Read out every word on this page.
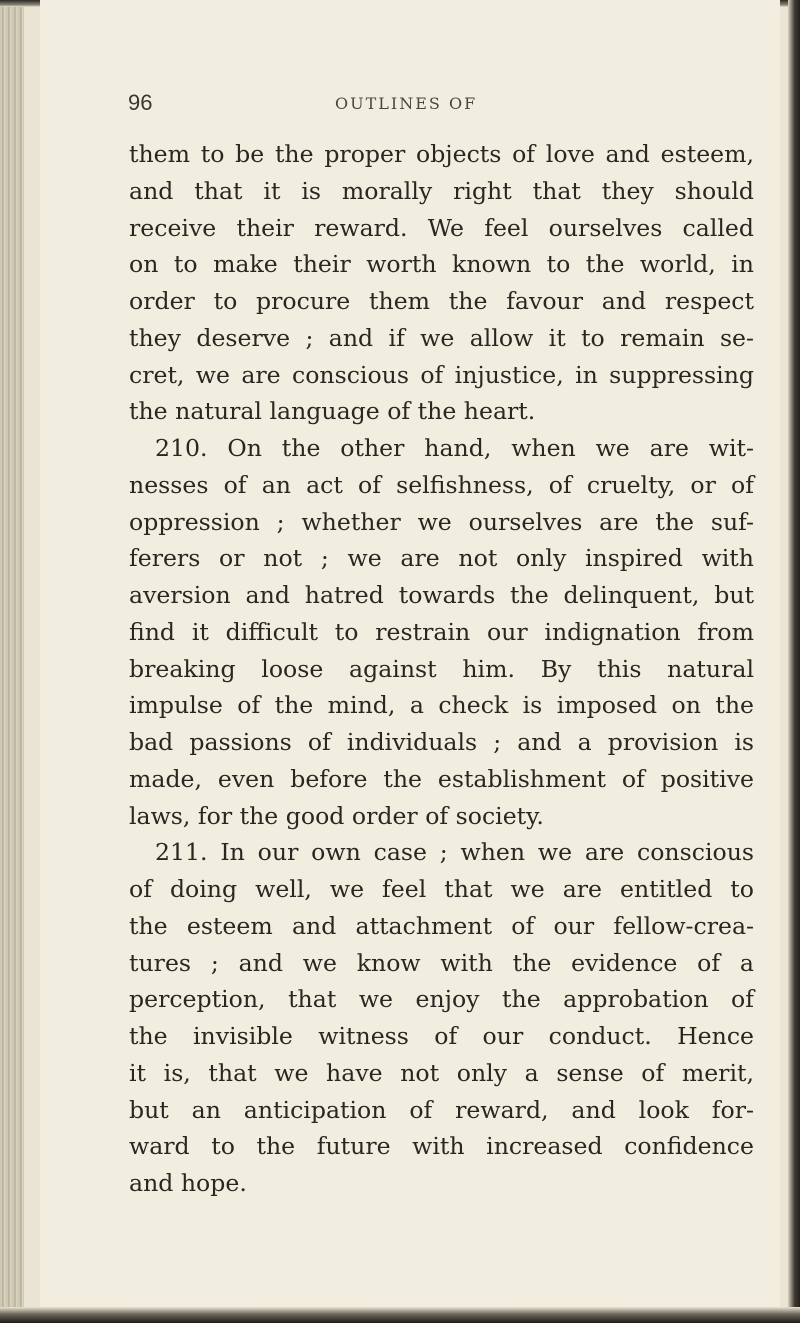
96	OUTLINES OF

them to be the proper objects of love and esteem,
and that it is morally right that they should
receive their reward. We feel ourselves called
on to make their worth known to the world, in
order to procure them the favour and respect
they deserve ; and if we allow it to remain se-
cret, we are conscious of injustice, in suppressing
the natural language of the heart.
210. On the other hand, when we are wit-
nesses of an act of selfishness, of cruelty, or of
oppression ; whether we ourselves are the suf-
ferers or not ; we are not only inspired with
aversion and hatred towards the delinquent, but
find it difficult to restrain our indignation from
breaking loose against him. By this natural
impulse of the mind, a check is imposed on the
bad passions of individuals ; and a provision is
made, even before the establishment of positive
laws, for the good order of society.
211. In our own case ; when we are conscious
of doing well, we feel that we are entitled to
the esteem and attachment of our fellow-crea-
tures ; and we know with the evidence of a
perception, that we enjoy the approbation of
the invisible witness of our conduct. Hence
it is, that we have not only a sense of merit,
but an anticipation of reward, and look for-
ward to the future with increased confidence
and hope.
